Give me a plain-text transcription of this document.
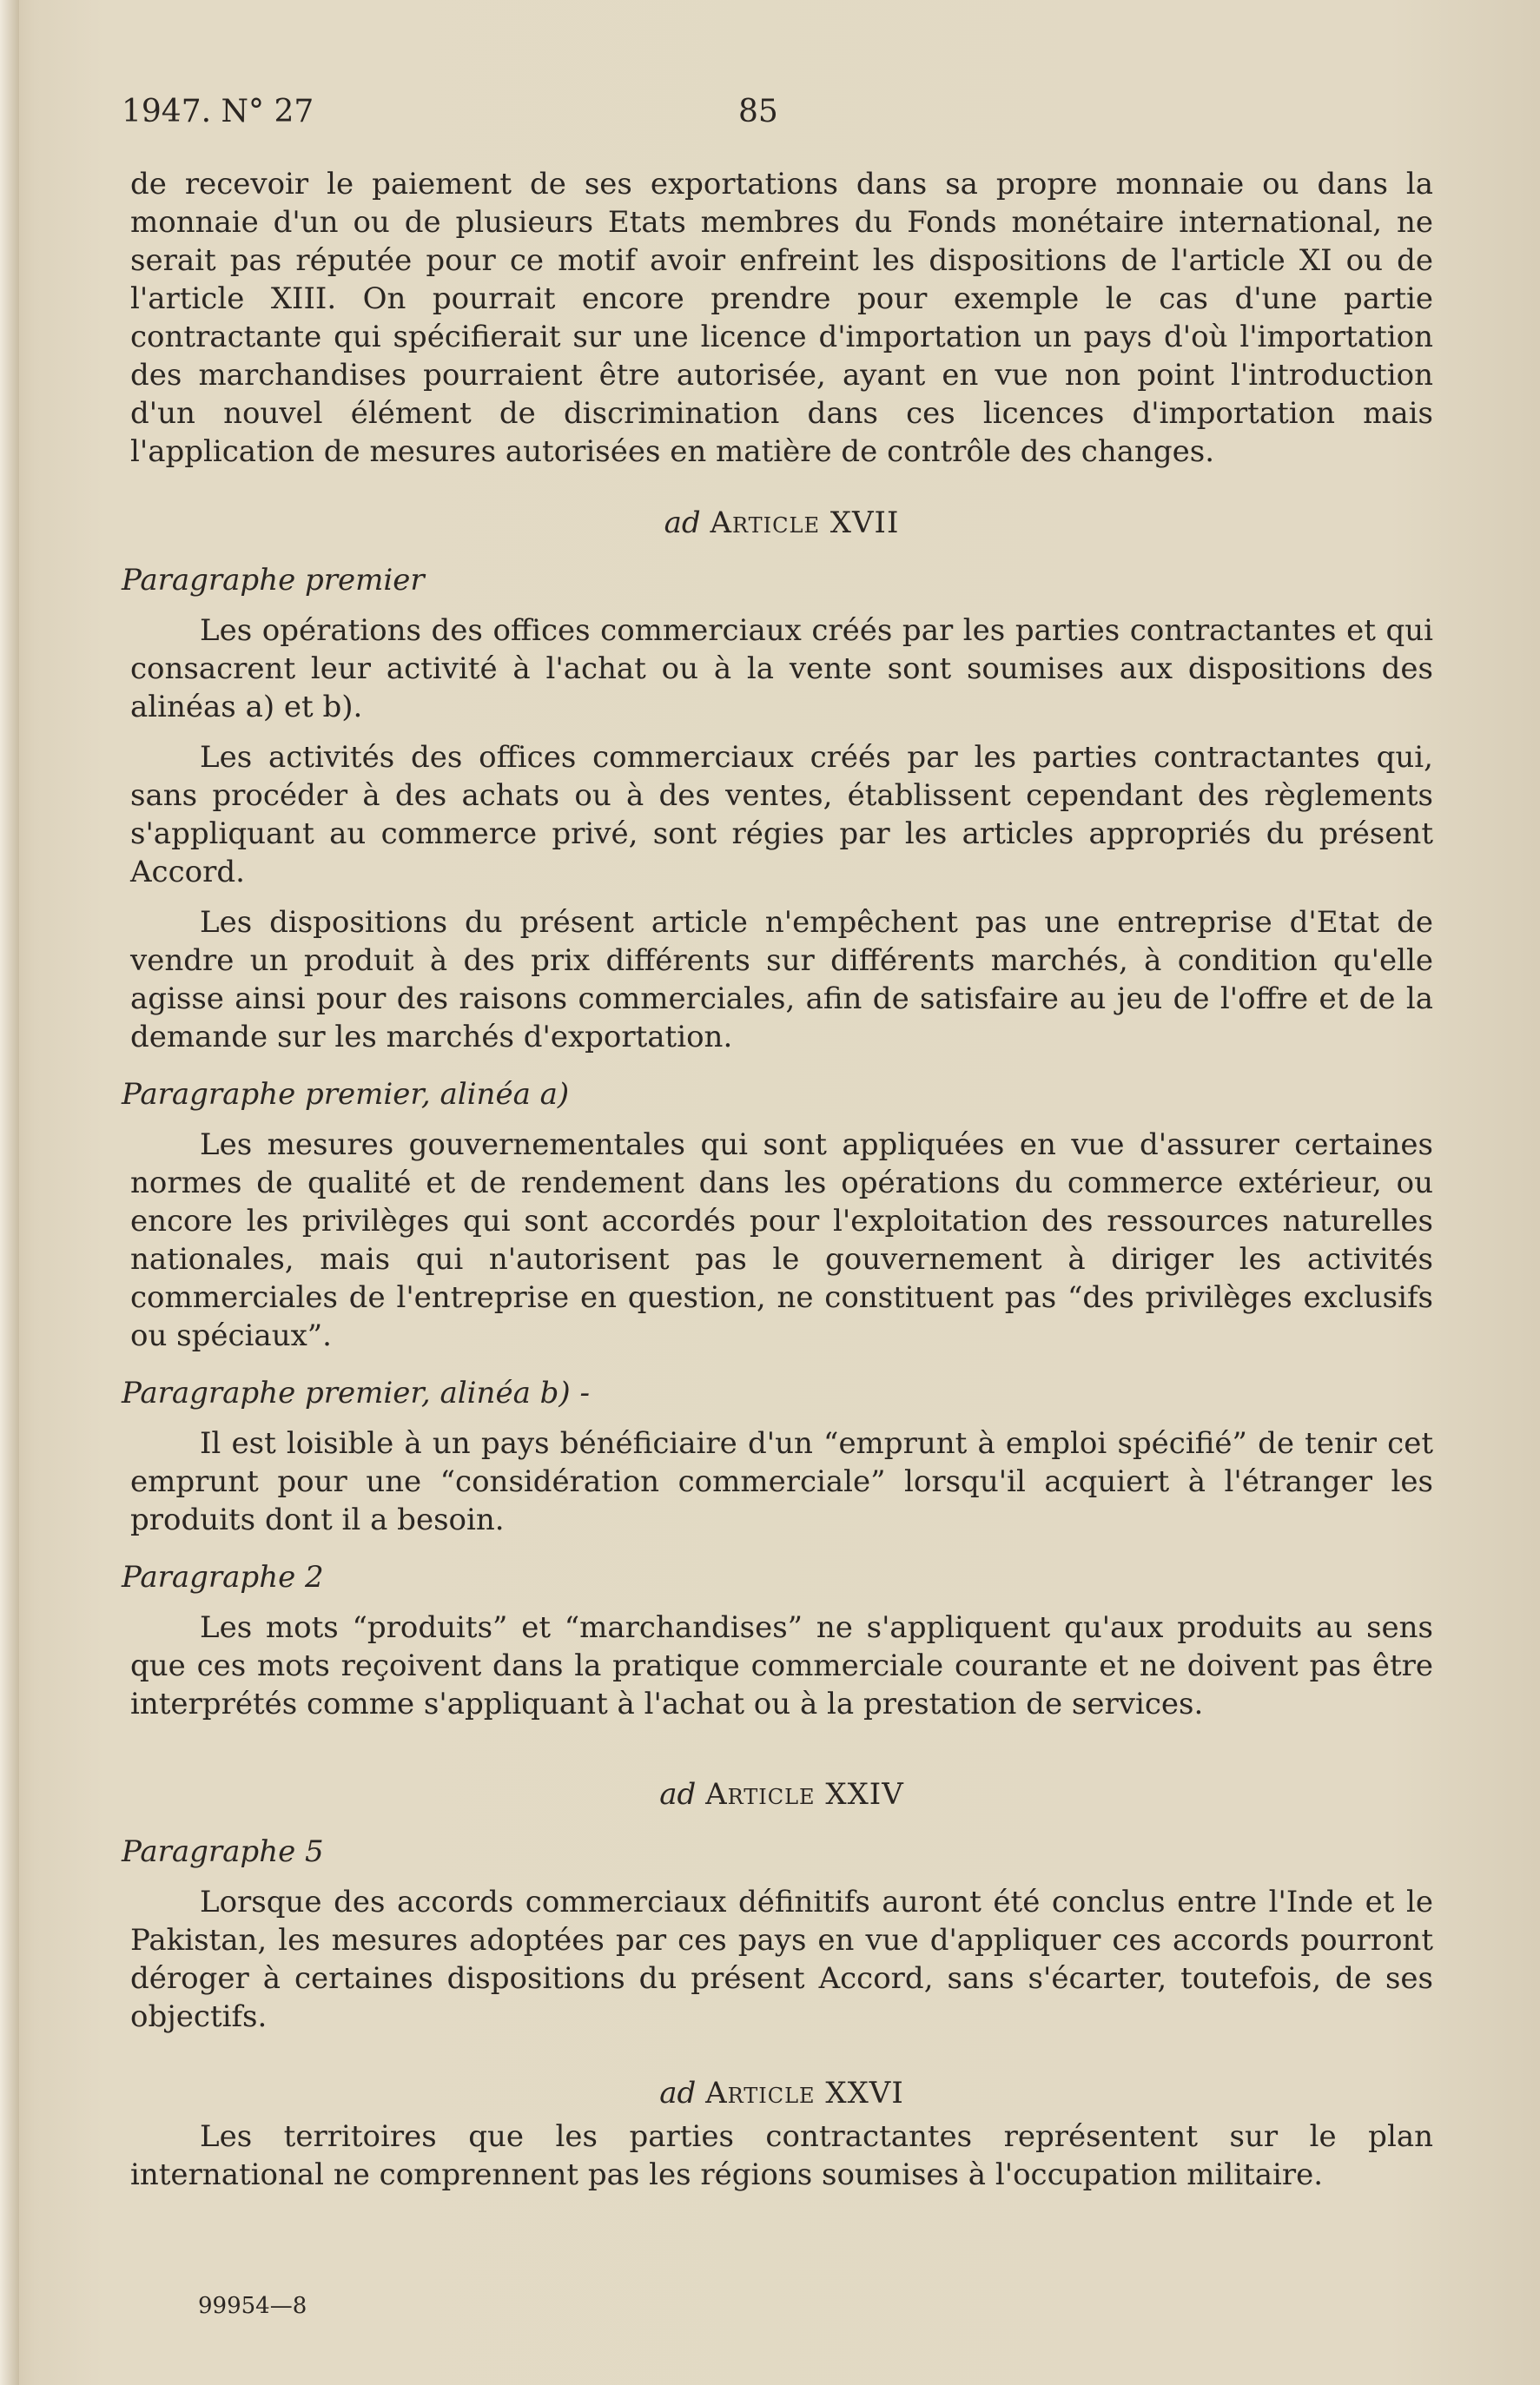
1947. N° 27	85

de recevoir le paiement de ses exportations dans sa propre monnaie ou dans la monnaie d'un ou de plusieurs Etats membres du Fonds monétaire international, ne serait pas réputée pour ce motif avoir enfreint les dispositions de l'article XI ou de l'article XIII. On pourrait encore prendre pour exemple le cas d'une partie contractante qui spécifierait sur une licence d'importation un pays d'où l'importation des marchandises pourraient être autorisée, ayant en vue non point l'introduction d'un nouvel élément de discrimination dans ces licences d'importation mais l'application de mesures autorisées en matière de contrôle des changes.

ad Article XVII
Paragraphe premier

Les opérations des offices commerciaux créés par les parties contractantes et qui consacrent leur activité à l'achat ou à la vente sont soumises aux dispositions des alinéas a) et b).

Les activités des offices commerciaux créés par les parties contractantes qui, sans procéder à des achats ou à des ventes, établissent cependant des règlements s'appliquant au commerce privé, sont régies par les articles appropriés du présent Accord.

Les dispositions du présent article n'empêchent pas une entreprise d'Etat de vendre un produit à des prix différents sur différents marchés, à condition qu'elle agisse ainsi pour des raisons commerciales, afin de satisfaire au jeu de l'offre et de la demande sur les marchés d'exportation.

Paragraphe premier, alinéa a)

Les mesures gouvernementales qui sont appliquées en vue d'assurer certaines normes de qualité et de rendement dans les opérations du commerce extérieur, ou encore les privilèges qui sont accordés pour l'exploitation des ressources naturelles nationales, mais qui n'autorisent pas le gouvernement à diriger les activités commerciales de l'entreprise en question, ne constituent pas “des privilèges exclusifs ou spéciaux”.

Paragraphe premier, alinéa b) -

Il est loisible à un pays bénéficiaire d'un “emprunt à emploi spécifié” de tenir cet emprunt pour une “considération commerciale” lorsqu'il acquiert à l'étranger les produits dont il a besoin.

Paragraphe 2

Les mots “produits” et “marchandises” ne s'appliquent qu'aux produits au sens que ces mots reçoivent dans la pratique commerciale courante et ne doivent pas être interprétés comme s'appliquant à l'achat ou à la prestation de services.

ad Article XXIV
Paragraphe 5

Lorsque des accords commerciaux définitifs auront été conclus entre l'Inde et le Pakistan, les mesures adoptées par ces pays en vue d'appliquer ces accords pourront déroger à certaines dispositions du présent Accord, sans s'écarter, toutefois, de ses objectifs.

ad Article XXVI

Les territoires que les parties contractantes représentent sur le plan international ne comprennent pas les régions soumises à l'occupation militaire.

99954—8
